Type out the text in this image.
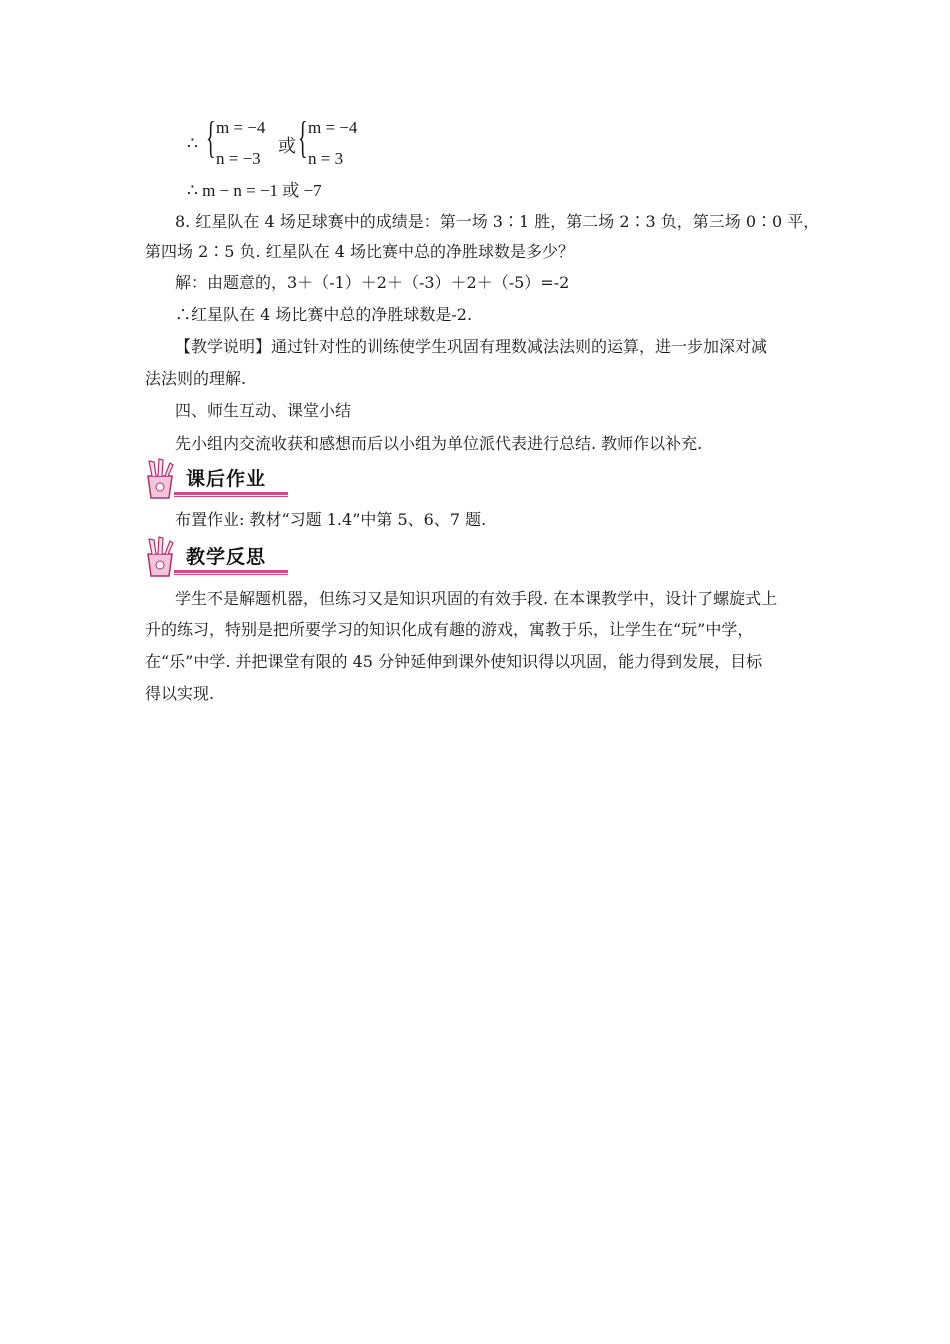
∴ { m = −4
n = −3
或 { m = −4
n = 3
∴ m − n = −1 或 −7
8. 红星队在 4 场足球赛中的成绩是：第一场 3∶1 胜，第二场 2∶3 负，第三场 0∶0 平，
第四场 2∶5 负. 红星队在 4 场比赛中总的净胜球数是多少？
解：由题意的，3＋（-1）＋2＋（-3）＋2＋（-5）=-2
∴红星队在 4 场比赛中总的净胜球数是-2.
【教学说明】通过针对性的训练使学生巩固有理数减法法则的运算，进一步加深对减
法法则的理解.
四、师生互动、课堂小结
先小组内交流收获和感想而后以小组为单位派代表进行总结. 教师作以补充.
课后作业
布置作业: 教材“习题 1.4”中第 5、6、7 题.
教学反思
学生不是解题机器，但练习又是知识巩固的有效手段. 在本课教学中，设计了螺旋式上
升的练习，特别是把所要学习的知识化成有趣的游戏，寓教于乐，让学生在“玩”中学，
在“乐”中学. 并把课堂有限的 45 分钟延伸到课外使知识得以巩固，能力得到发展，目标
得以实现.
